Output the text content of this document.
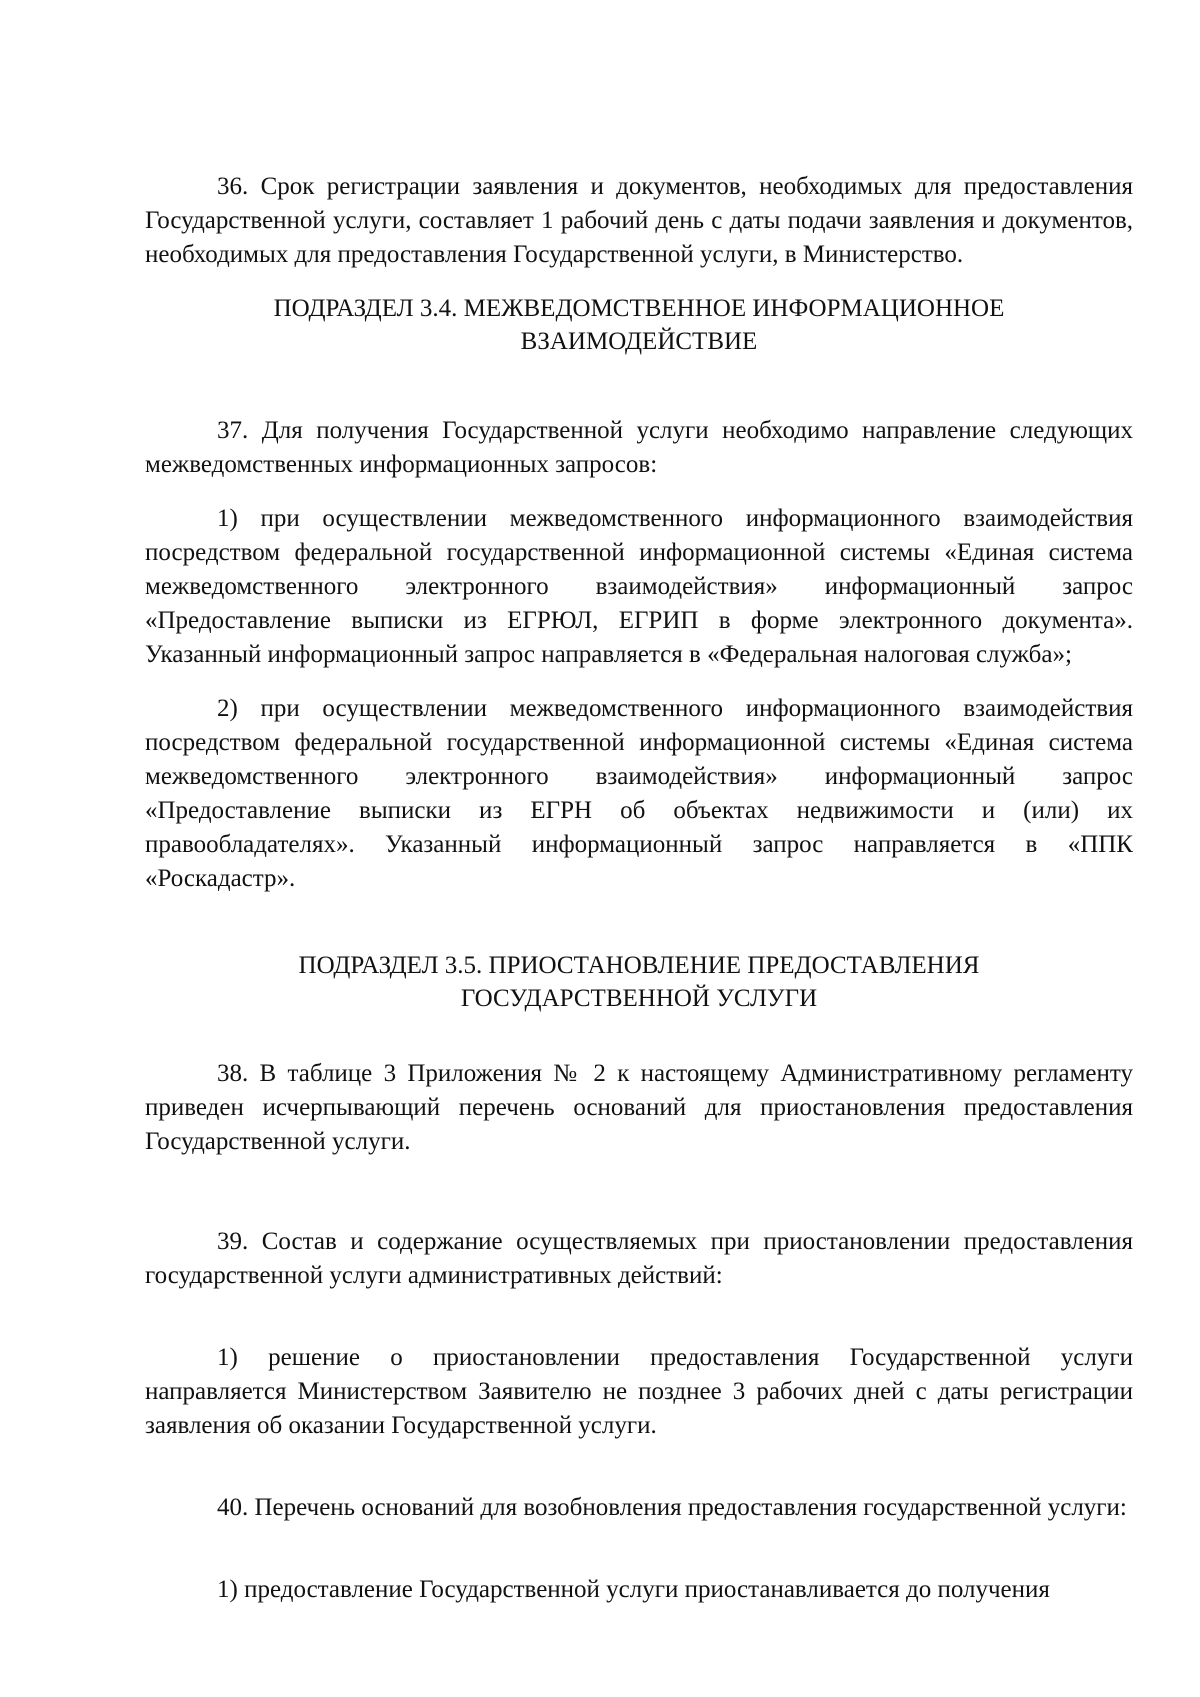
36. Срок регистрации заявления и документов, необходимых для предоставления Государственной услуги, составляет 1 рабочий день с даты подачи заявления и документов, необходимых для предоставления Государственной услуги, в Министерство.

ПОДРАЗДЕЛ 3.4. МЕЖВЕДОМСТВЕННОЕ ИНФОРМАЦИОННОЕ
ВЗАИМОДЕЙСТВИЕ

37. Для получения Государственной услуги необходимо направление следующих межведомственных информационных запросов:

1) при осуществлении межведомственного информационного взаимодействия посредством федеральной государственной информационной системы «Единая система межведомственного электронного взаимодействия» информационный запрос «Предоставление выписки из ЕГРЮЛ, ЕГРИП в форме электронного документа». Указанный информационный запрос направляется в «Федеральная налоговая служба»;

2) при осуществлении межведомственного информационного взаимодействия посредством федеральной государственной информационной системы «Единая система межведомственного электронного взаимодействия» информационный запрос «Предоставление выписки из ЕГРН об объектах недвижимости и (или) их правообладателях». Указанный информационный запрос направляется в «ППК «Роскадастр».

ПОДРАЗДЕЛ 3.5. ПРИОСТАНОВЛЕНИЕ ПРЕДОСТАВЛЕНИЯ
ГОСУДАРСТВЕННОЙ УСЛУГИ

38. В таблице 3 Приложения № 2 к настоящему Административному регламенту приведен исчерпывающий перечень оснований для приостановления предоставления Государственной услуги.

39. Состав и содержание осуществляемых при приостановлении предоставления государственной услуги административных действий:

1) решение о приостановлении предоставления Государственной услуги направляется Министерством Заявителю не позднее 3 рабочих дней с даты регистрации заявления об оказании Государственной услуги.

40. Перечень оснований для возобновления предоставления государственной услуги:

1) предоставление Государственной услуги приостанавливается до получения
